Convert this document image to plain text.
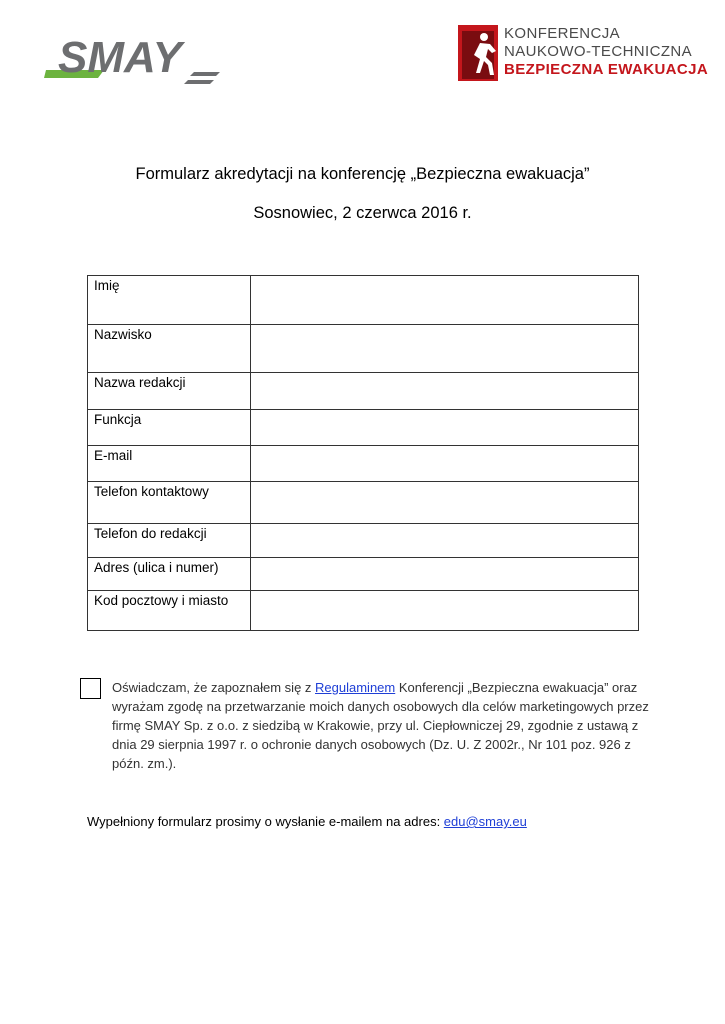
SMAY	KONFERENCJA
NAUKOWO-TECHNICZNA
BEZPIECZNA EWAKUACJA
Formularz akredytacji na konferencję „Bezpieczna ewakuacja”
Sosnowiec, 2 czerwca 2016 r.
Imię	
Nazwisko	
Nazwa redakcji	
Funkcja	
E-mail	
Telefon kontaktowy	
Telefon do redakcji	
Adres (ulica i numer)	
Kod pocztowy i miasto	
Oświadczam, że zapoznałem się z Regulaminem Konferencji „Bezpieczna ewakuacja” oraz wyrażam zgodę na przetwarzanie moich danych osobowych dla celów marketingowych przez firmę SMAY Sp. z o.o. z siedzibą w Krakowie, przy ul. Ciepłowniczej 29, zgodnie z ustawą z dnia 29 sierpnia 1997 r. o ochronie danych osobowych (Dz. U. Z 2002r., Nr 101 poz. 926 z późn. zm.).
Wypełniony formularz prosimy o wysłanie e-mailem na adres: edu@smay.eu
